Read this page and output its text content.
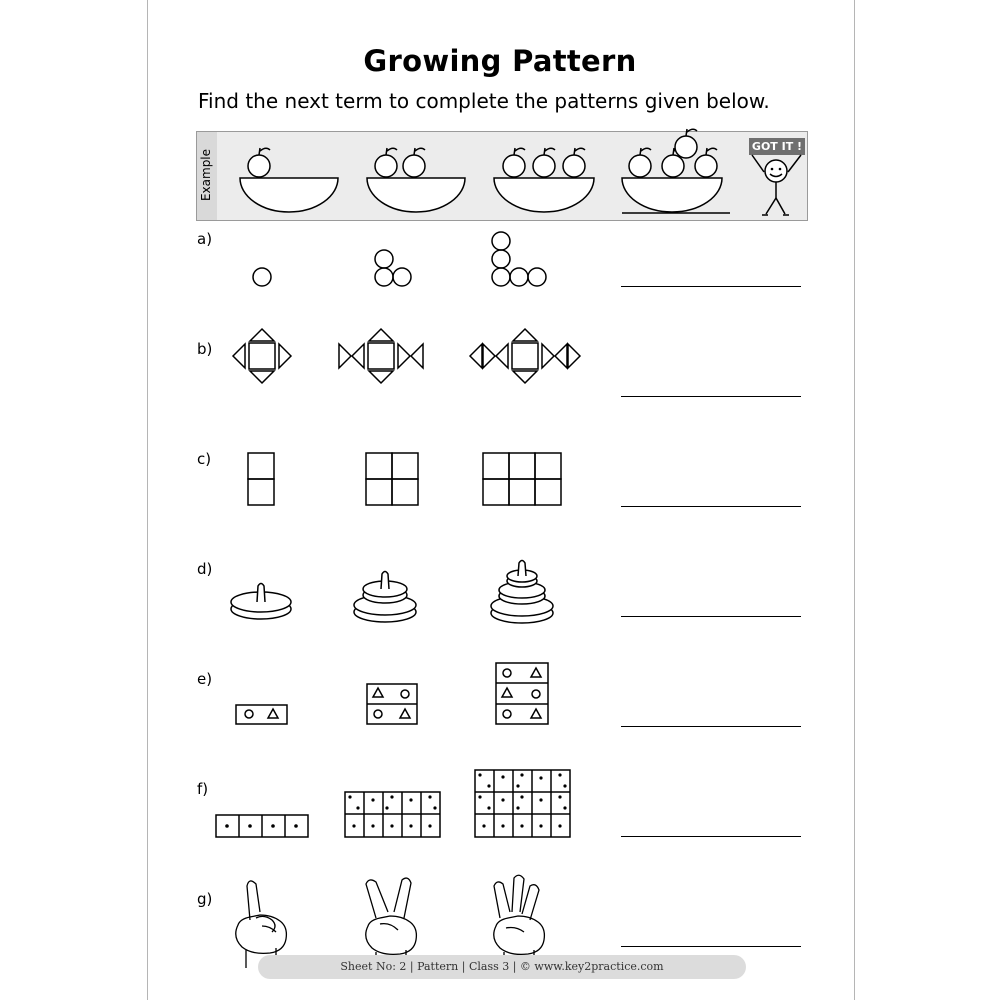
Growing Pattern
Find the next term to complete the patterns given below.
Example
GOT IT !
a)
b)
c)
d)
e)
f)
g)
Sheet No: 2 | Pattern | Class 3 | © www.key2practice.com
